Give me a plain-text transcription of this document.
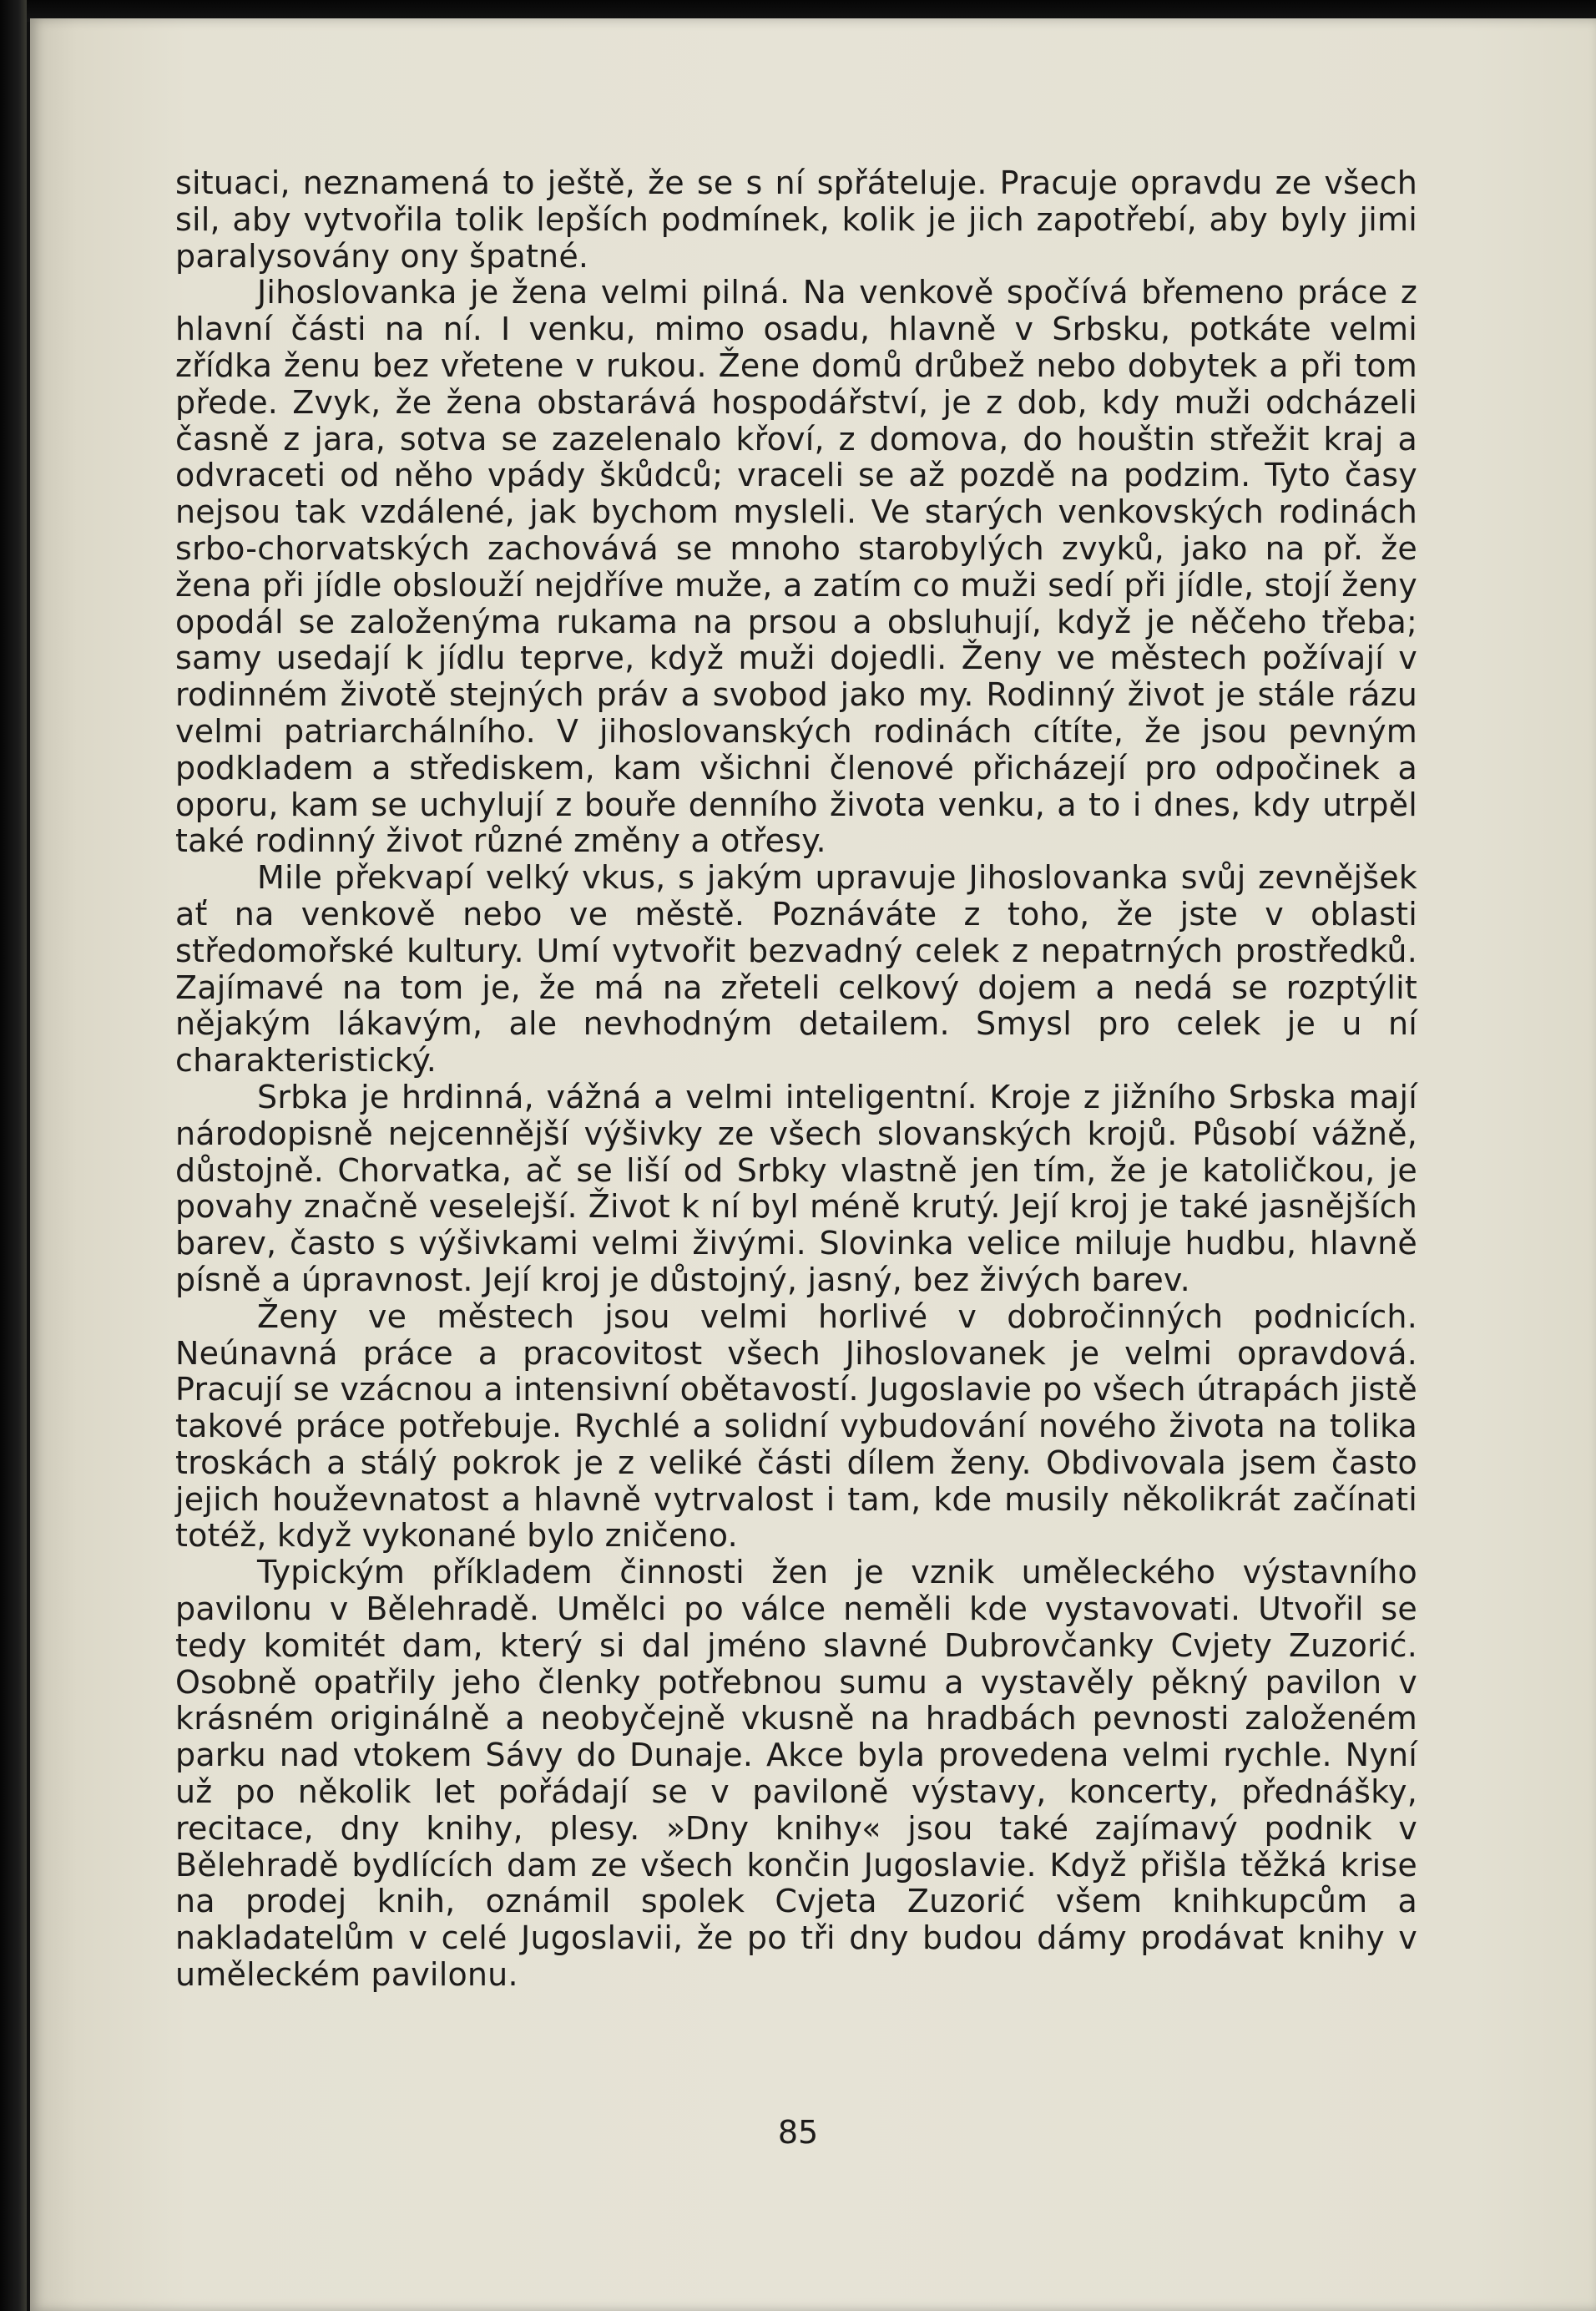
situaci, neznamená to ještě, že se s ní spřáteluje. Pracuje opravdu ze všech sil, aby vytvořila tolik lepších podmínek, kolik je jich zapotřebí, aby byly jimi paralysovány ony špatné.

Jihoslovanka je žena velmi pilná. Na venkově spočívá břemeno práce z hlavní části na ní. I venku, mimo osadu, hlavně v Srbsku, potkáte velmi zřídka ženu bez vřetene v rukou. Žene domů drůbež nebo dobytek a při tom přede. Zvyk, že žena obstarává hospodářství, je z dob, kdy muži odcházeli časně z jara, sotva se zazelenalo křoví, z domova, do houštin střežit kraj a odvraceti od něho vpády škůdců; vraceli se až pozdě na podzim. Tyto časy nejsou tak vzdálené, jak bychom mysleli. Ve starých venkovských rodinách srbo-chorvatských zachovává se mnoho starobylých zvyků, jako na př. že žena při jídle obslouží nejdříve muže, a zatím co muži sedí při jídle, stojí ženy opodál se založenýma rukama na prsou a obsluhují, když je něčeho třeba; samy usedají k jídlu teprve, když muži dojedli. Ženy ve městech požívají v rodinném životě stejných práv a svobod jako my. Rodinný život je stále rázu velmi patriarchálního. V jihoslovanských rodinách cítíte, že jsou pevným podkladem a střediskem, kam všichni členové přicházejí pro odpočinek a oporu, kam se uchylují z bouře denního života venku, a to i dnes, kdy utrpěl také rodinný život různé změny a otřesy.

Mile překvapí velký vkus, s jakým upravuje Jihoslovanka svůj zevnějšek ať na venkově nebo ve městě. Poznáváte z toho, že jste v oblasti středomořské kultury. Umí vytvořit bezvadný celek z nepatrných prostředků. Zajímavé na tom je, že má na zřeteli celkový dojem a nedá se rozptýlit nějakým lákavým, ale nevhodným detailem. Smysl pro celek je u ní charakteristický.

Srbka je hrdinná, vážná a velmi inteligentní. Kroje z jižního Srbska mají národopisně nejcennější výšivky ze všech slovanských krojů. Působí vážně, důstojně. Chorvatka, ač se liší od Srbky vlastně jen tím, že je katoličkou, je povahy značně veselejší. Život k ní byl méně krutý. Její kroj je také jasnějších barev, často s výšivkami velmi živými. Slovinka velice miluje hudbu, hlavně písně a úpravnost. Její kroj je důstojný, jasný, bez živých barev.

Ženy ve městech jsou velmi horlivé v dobročinných podnicích. Neúnavná práce a pracovitost všech Jihoslovanek je velmi opravdová. Pracují se vzácnou a intensivní obětavostí. Jugoslavie po všech útrapách jistě takové práce potřebuje. Rychlé a solidní vybudování nového života na tolika troskách a stálý pokrok je z veliké části dílem ženy. Obdivovala jsem často jejich houževnatost a hlavně vytrvalost i tam, kde musily několikrát začínati totéž, když vykonané bylo zničeno.

Typickým příkladem činnosti žen je vznik uměleckého výstavního pavilonu v Bělehradě. Umělci po válce neměli kde vystavovati. Utvořil se tedy komitét dam, který si dal jméno slavné Dubrovčanky Cvjety Zuzorić. Osobně opatřily jeho členky potřebnou sumu a vystavěly pěkný pavilon v krásném originálně a neobyčejně vkusně na hradbách pevnosti založeném parku nad vtokem Sávy do Dunaje. Akce byla provedena velmi rychle. Nyní už po několik let pořádají se v pavilonĕ výstavy, koncerty, přednášky, recitace, dny knihy, plesy. »Dny knihy« jsou také zajímavý podnik v Bělehradě bydlících dam ze všech končin Jugoslavie. Když přišla těžká krise na prodej knih, oznámil spolek Cvjeta Zuzorić všem knihkupcům a nakladatelům v celé Jugoslavii, že po tři dny budou dámy prodávat knihy v uměleckém pavilonu.

85
